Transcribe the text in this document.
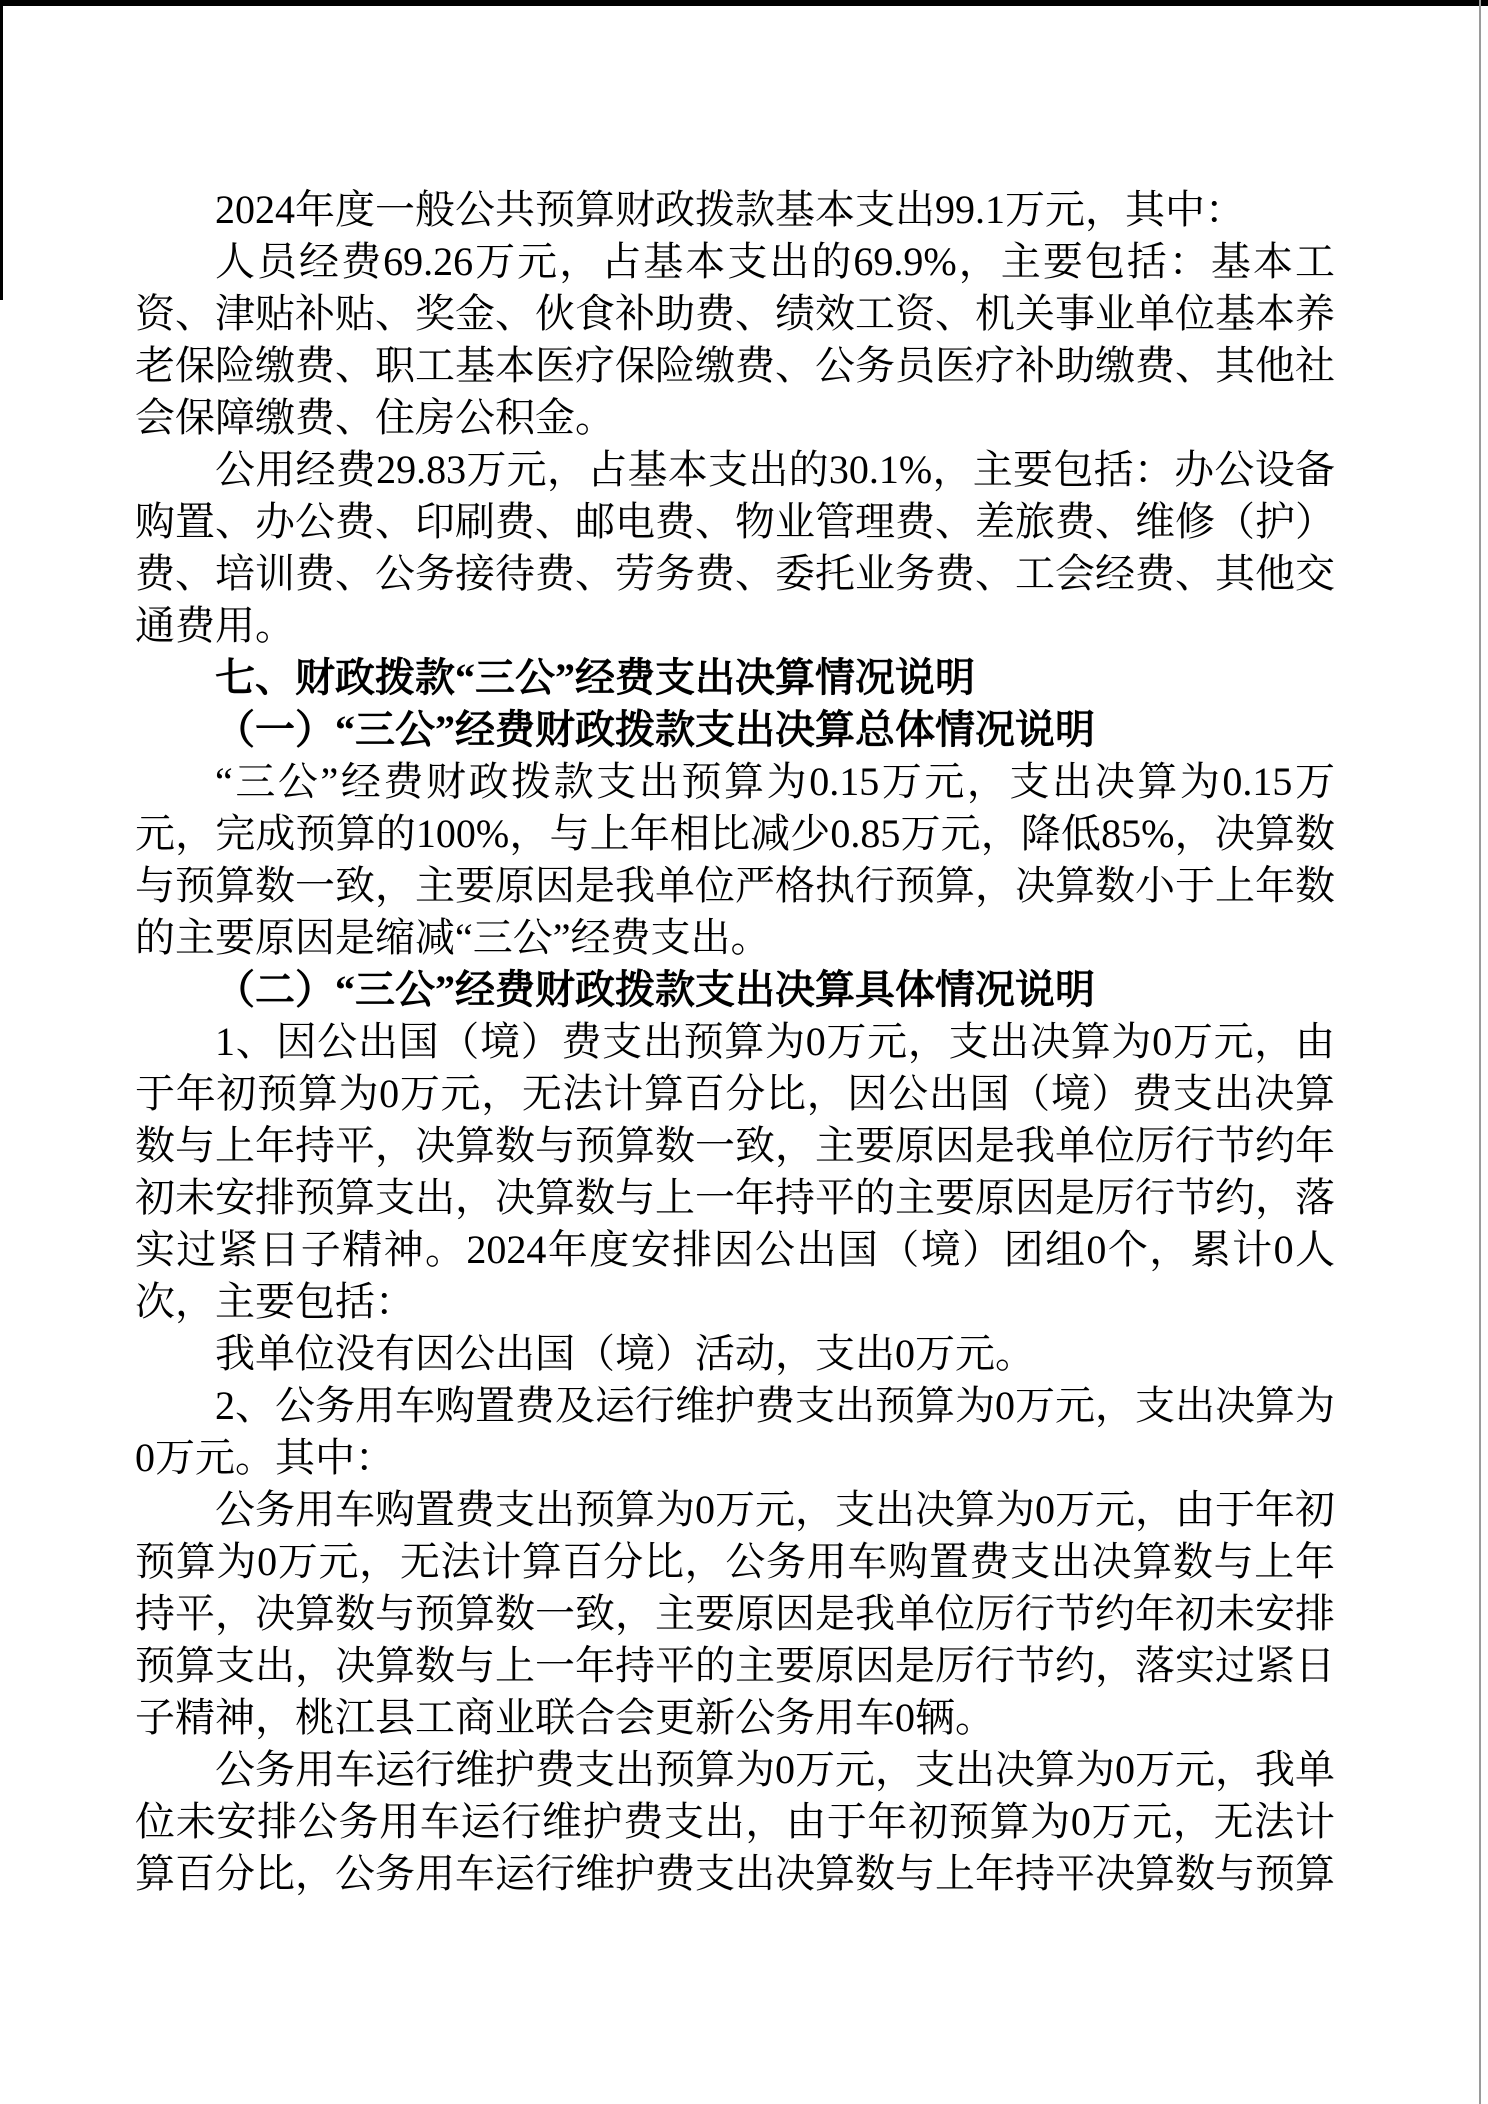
2024年度一般公共预算财政拨款基本支出99.1万元，其中：

人员经费69.26万元，占基本支出的69.9%，主要包括：基本工资、津贴补贴、奖金、伙食补助费、绩效工资、机关事业单位基本养老保险缴费、职工基本医疗保险缴费、公务员医疗补助缴费、其他社会保障缴费、住房公积金。

公用经费29.83万元，占基本支出的30.1%，主要包括：办公设备购置、办公费、印刷费、邮电费、物业管理费、差旅费、维修（护）费、培训费、公务接待费、劳务费、委托业务费、工会经费、其他交通费用。

七、财政拨款“三公”经费支出决算情况说明

（一）“三公”经费财政拨款支出决算总体情况说明

“三公”经费财政拨款支出预算为0.15万元，支出决算为0.15万元，完成预算的100%，与上年相比减少0.85万元，降低85%，决算数与预算数一致，主要原因是我单位严格执行预算，决算数小于上年数的主要原因是缩减“三公”经费支出。

（二）“三公”经费财政拨款支出决算具体情况说明

1、因公出国（境）费支出预算为0万元，支出决算为0万元，由于年初预算为0万元，无法计算百分比，因公出国（境）费支出决算数与上年持平，决算数与预算数一致，主要原因是我单位厉行节约年初未安排预算支出，决算数与上一年持平的主要原因是厉行节约，落实过紧日子精神。2024年度安排因公出国（境）团组0个，累计0人次，主要包括：

我单位没有因公出国（境）活动，支出0万元。

2、公务用车购置费及运行维护费支出预算为0万元，支出决算为0万元。其中：

公务用车购置费支出预算为0万元，支出决算为0万元，由于年初预算为0万元，无法计算百分比，公务用车购置费支出决算数与上年持平，决算数与预算数一致，主要原因是我单位厉行节约年初未安排预算支出，决算数与上一年持平的主要原因是厉行节约，落实过紧日子精神，桃江县工商业联合会更新公务用车0辆。

公务用车运行维护费支出预算为0万元，支出决算为0万元，我单位未安排公务用车运行维护费支出，由于年初预算为0万元，无法计算百分比，公务用车运行维护费支出决算数与上年持平决算数与预算
